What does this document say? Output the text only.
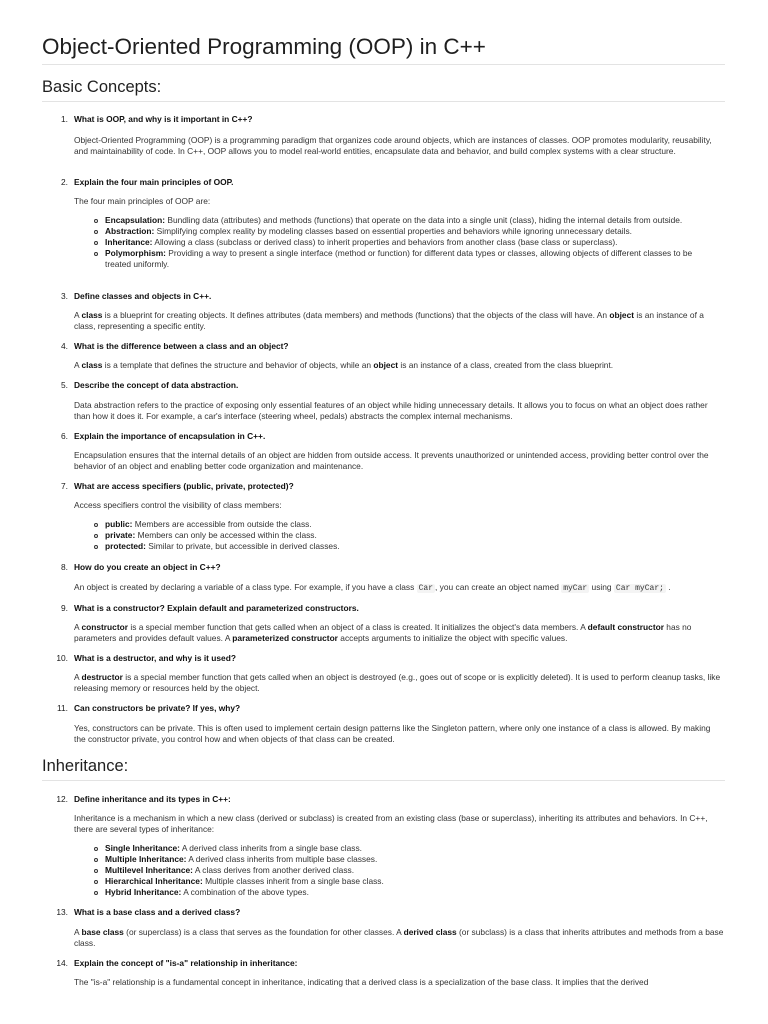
Object-Oriented Programming (OOP) in C++
Basic Concepts:
1. What is OOP, and why is it important in C++?
Object-Oriented Programming (OOP) is a programming paradigm that organizes code around objects, which are instances of classes. OOP promotes modularity, reusability, and maintainability of code. In C++, OOP allows you to model real-world entities, encapsulate data and behavior, and build complex systems with a clear structure.
2. Explain the four main principles of OOP.
The four main principles of OOP are:
Encapsulation: Bundling data (attributes) and methods (functions) that operate on the data into a single unit (class), hiding the internal details from outside.
Abstraction: Simplifying complex reality by modeling classes based on essential properties and behaviors while ignoring unnecessary details.
Inheritance: Allowing a class (subclass or derived class) to inherit properties and behaviors from another class (base class or superclass).
Polymorphism: Providing a way to present a single interface (method or function) for different data types or classes, allowing objects of different classes to be treated uniformly.
3. Define classes and objects in C++.
A class is a blueprint for creating objects. It defines attributes (data members) and methods (functions) that the objects of the class will have. An object is an instance of a class, representing a specific entity.
4. What is the difference between a class and an object?
A class is a template that defines the structure and behavior of objects, while an object is an instance of a class, created from the class blueprint.
5. Describe the concept of data abstraction.
Data abstraction refers to the practice of exposing only essential features of an object while hiding unnecessary details. It allows you to focus on what an object does rather than how it does it. For example, a car's interface (steering wheel, pedals) abstracts the complex internal mechanisms.
6. Explain the importance of encapsulation in C++.
Encapsulation ensures that the internal details of an object are hidden from outside access. It prevents unauthorized or unintended access, providing better control over the behavior of an object and enabling better code organization and maintenance.
7. What are access specifiers (public, private, protected)?
Access specifiers control the visibility of class members:
public: Members are accessible from outside the class.
private: Members can only be accessed within the class.
protected: Similar to private, but accessible in derived classes.
8. How do you create an object in C++?
An object is created by declaring a variable of a class type. For example, if you have a class Car , you can create an object named myCar using Car myCar; .
9. What is a constructor? Explain default and parameterized constructors.
A constructor is a special member function that gets called when an object of a class is created. It initializes the object's data members. A default constructor has no parameters and provides default values. A parameterized constructor accepts arguments to initialize the object with specific values.
10. What is a destructor, and why is it used?
A destructor is a special member function that gets called when an object is destroyed (e.g., goes out of scope or is explicitly deleted). It is used to perform cleanup tasks, like releasing memory or resources held by the object.
11. Can constructors be private? If yes, why?
Yes, constructors can be private. This is often used to implement certain design patterns like the Singleton pattern, where only one instance of a class is allowed. By making the constructor private, you control how and when objects of that class can be created.
Inheritance:
12. Define inheritance and its types in C++:
Inheritance is a mechanism in which a new class (derived or subclass) is created from an existing class (base or superclass), inheriting its attributes and behaviors. In C++, there are several types of inheritance:
Single Inheritance: A derived class inherits from a single base class.
Multiple Inheritance: A derived class inherits from multiple base classes.
Multilevel Inheritance: A class derives from another derived class.
Hierarchical Inheritance: Multiple classes inherit from a single base class.
Hybrid Inheritance: A combination of the above types.
13. What is a base class and a derived class?
A base class (or superclass) is a class that serves as the foundation for other classes. A derived class (or subclass) is a class that inherits attributes and methods from a base class.
14. Explain the concept of "is-a" relationship in inheritance:
The "is-a" relationship is a fundamental concept in inheritance, indicating that a derived class is a specialization of the base class. It implies that the derived
